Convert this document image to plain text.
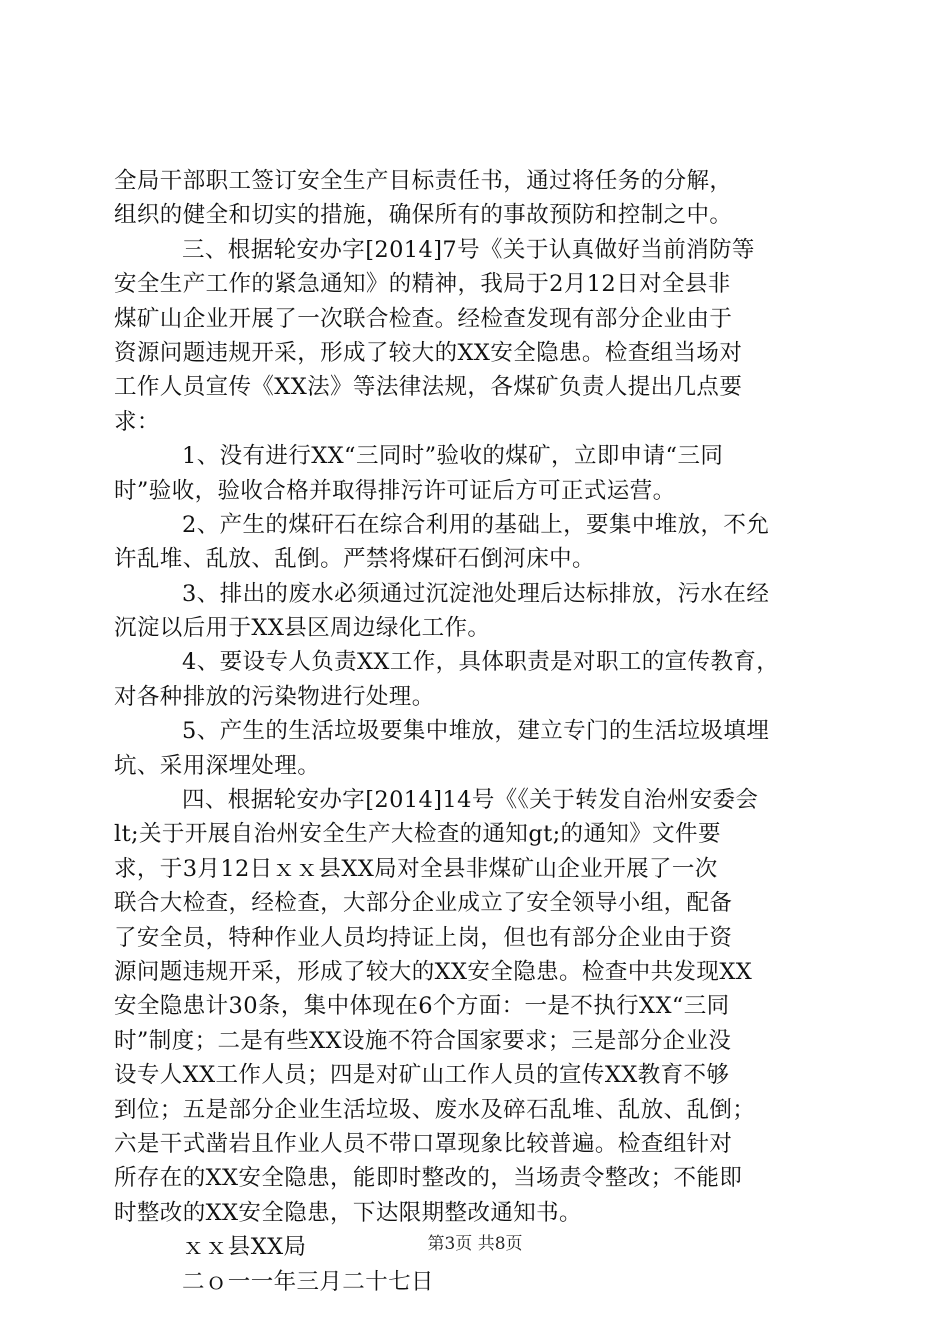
全局干部职工签订安全生产目标责任书，通过将任务的分解，
组织的健全和切实的措施，确保所有的事故预防和控制之中。
三、根据轮安办字[2014]7号《关于认真做好当前消防等
安全生产工作的紧急通知》的精神，我局于2月12日对全县非
煤矿山企业开展了一次联合检查。经检查发现有部分企业由于
资源问题违规开采，形成了较大的XX安全隐患。检查组当场对
工作人员宣传《XX法》等法律法规，各煤矿负责人提出几点要
求：
1、没有进行XX“三同时”验收的煤矿，立即申请“三同
时”验收，验收合格并取得排污许可证后方可正式运营。
2、产生的煤矸石在综合利用的基础上，要集中堆放，不允
许乱堆、乱放、乱倒。严禁将煤矸石倒河床中。
3、排出的废水必须通过沉淀池处理后达标排放，污水在经
沉淀以后用于XX县区周边绿化工作。
4、要设专人负责XX工作，具体职责是对职工的宣传教育，
对各种排放的污染物进行处理。
5、产生的生活垃圾要集中堆放，建立专门的生活垃圾填埋
坑、采用深埋处理。
四、根据轮安办字[2014]14号《《关于转发自治州安委会
lt;关于开展自治州安全生产大检查的通知gt;的通知》文件要
求，于3月12日ｘｘ县XX局对全县非煤矿山企业开展了一次
联合大检查，经检查，大部分企业成立了安全领导小组，配备
了安全员，特种作业人员均持证上岗，但也有部分企业由于资
源问题违规开采，形成了较大的XX安全隐患。检查中共发现XX
安全隐患计30条，集中体现在6个方面：一是不执行XX“三同
时”制度；二是有些XX设施不符合国家要求；三是部分企业没
设专人XX工作人员；四是对矿山工作人员的宣传XX教育不够
到位；五是部分企业生活垃圾、废水及碎石乱堆、乱放、乱倒；
六是干式凿岩且作业人员不带口罩现象比较普遍。检查组针对
所存在的XX安全隐患，能即时整改的，当场责令整改；不能即
时整改的XX安全隐患，下达限期整改通知书。
ｘｘ县XX局
二ｏ一一年三月二十七日
第3页 共8页
